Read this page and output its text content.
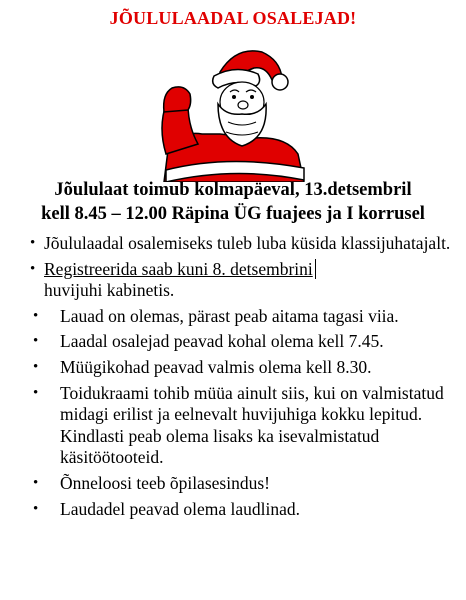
JÕULULAADAL OSALEJAD!
Jõululaat toimub kolmapäeval, 13.detsembril
kell 8.45 – 12.00 Räpina ÜG fuajees ja I korrusel
• Jõululaadal osalemiseks tuleb luba küsida klassijuhatajalt.
• Registreerida saab kuni 8. detsembrini
huvijuhi kabinetis.
•	Lauad on olemas, pärast peab aitama tagasi viia.
•	Laadal osalejad peavad kohal olema kell 7.45.
•	Müügikohad peavad valmis olema kell 8.30.
•	Toidukraami tohib müüa ainult siis, kui on valmistatud midagi erilist ja eelnevalt huvijuhiga kokku lepitud. Kindlasti peab olema lisaks ka isevalmistatud käsitöötooteid.
•	Õnneloosi teeb õpilasesindus!
•	Laudadel peavad olema laudlinad.
